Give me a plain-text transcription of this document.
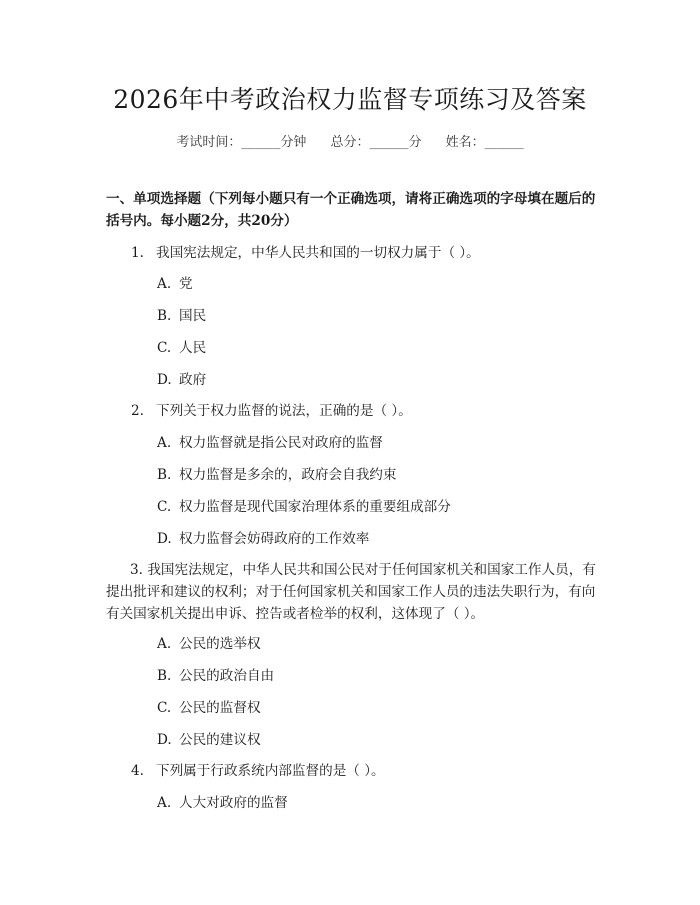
2026年中考政治权力监督专项练习及答案
考试时间：______分钟 总分：______分 姓名：______
一、单项选择题（下列每小题只有一个正确选项，请将正确选项的字母填在题后的括号内。每小题2分，共20分）
1. 我国宪法规定，中华人民共和国的一切权力属于（ ）。
A. 党
B. 国民
C. 人民
D. 政府
2. 下列关于权力监督的说法，正确的是（ ）。
A. 权力监督就是指公民对政府的监督
B. 权力监督是多余的，政府会自我约束
C. 权力监督是现代国家治理体系的重要组成部分
D. 权力监督会妨碍政府的工作效率
3. 我国宪法规定，中华人民共和国公民对于任何国家机关和国家工作人员，有提出批评和建议的权利；对于任何国家机关和国家工作人员的违法失职行为，有向有关国家机关提出申诉、控告或者检举的权利，这体现了（ ）。
A. 公民的选举权
B. 公民的政治自由
C. 公民的监督权
D. 公民的建议权
4. 下列属于行政系统内部监督的是（ ）。
A. 人大对政府的监督
